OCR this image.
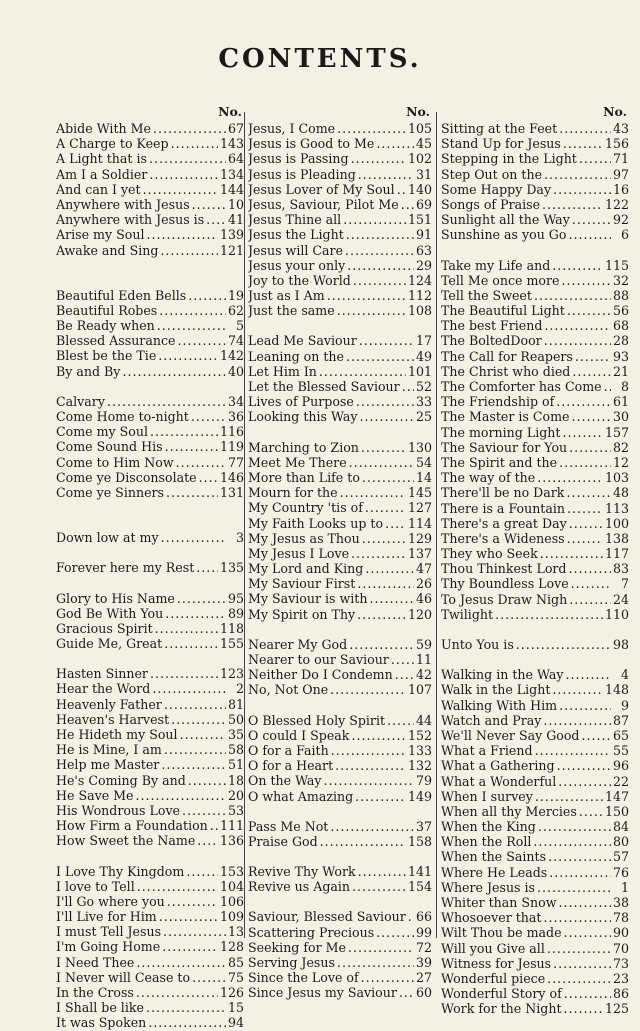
CONTENTS.
No.
Abide With Me .....	67
A Charge to Keep .....	143
A Light that is .....	64
Am I a Soldier .....	134
And can I yet .....	144
Anywhere with Jesus .....	10
Anywhere with Jesus is ..... 41
Arise my Soul .....	139
Awake and Sing .....	121
Beautiful Eden Bells .....	19
Beautiful Robes .....	62
Be Ready when .....	5
Blessed Assurance .....	74
Blest be the Tie .....	142
By and By .....	40
Calvary .....	34
Come Home to-night .....	36
Come my Soul .....	116
Come Sound His .....	119
Come to Him Now .....	77
Come ye Disconsolate ..... 146
Come ye Sinners .....	131
Down low at my .....	3
Forever here my Rest ..... 135
Glory to His Name .....	95
God Be With You .....	89
Gracious Spirit .....	118
Guide Me, Great .....	155
Hasten Sinner .....	123
Hear the Word .....	2
Heavenly Father .....	81
Heaven's Harvest .....	50
He Hideth my Soul .....	35
He is Mine, I am .....	58
Help me Master .....	51
He's Coming By and .....	18
He Save Me .....	20
His Wondrous Love .....	53
How Firm a Foundation ..... 111
How Sweet the Name ..... 136
I Love Thy Kingdom .....	153
I love to Tell .....	104
I'll Go where you .....	106
I'll Live for Him .....	109
I must Tell Jesus .....	13
I'm Going Home .....	128
I Need Thee .....	85
I Never will Cease to .....	75
In the Cross .....	126
I Shall be like .....	15
It was Spoken .....	94
No.
Jesus, I Come .....	105
Jesus is Good to Me .....	45
Jesus is Passing .....	102
Jesus is Pleading .....	31
Jesus Lover of My Soul ..... 140
Jesus, Saviour, Pilot Me ..... 69
Jesus Thine all .....	151
Jesus the Light .....	91
Jesus will Care .....	63
Jesus your only .....	29
Joy to the World .....	124
Just as I Am .....	112
Just the same .....	108
Lead Me Saviour .....	17
Leaning on the .....	49
Let Him In .....	101
Let the Blessed Saviour ..... 52
Lives of Purpose .....	33
Looking this Way .....	25
Marching to Zion .....	130
Meet Me There .....	54
More than Life to .....	14
Mourn for the .....	145
My Country 'tis of .....	127
My Faith Looks up to ..... 114
My Jesus as Thou .....	129
My Jesus I Love .....	137
My Lord and King .....	47
My Saviour First .....	26
My Saviour is with .....	46
My Spirit on Thy .....	120
Nearer My God .....	59
Nearer to our Saviour ..... 11
Neither Do I Condemn ..... 42
No, Not One .....	107
O Blessed Holy Spirit ..... 44
O could I Speak .....	152
O for a Faith .....	133
O for a Heart .....	132
On the Way .....	79
O what Amazing .....	149
Pass Me Not .....	37
Praise God .....	158
Revive Thy Work .....	141
Revive us Again .....	154
Saviour, Blessed Saviour ..... 66
Scattering Precious .....	99
Seeking for Me .....	72
Serving Jesus .....	39
Since the Love of .....	27
Since Jesus my Saviour ..... 60
No.
Sitting at the Feet .....	43
Stand Up for Jesus .....	156
Stepping in the Light .....	71
Step Out on the .....	97
Some Happy Day .....	16
Songs of Praise .....	122
Sunlight all the Way .....	92
Sunshine as you Go .....	6
Take my Life and .....	115
Tell Me once more .....	32
Tell the Sweet .....	88
The Beautiful Light .....	56
The best Friend .....	68
The BoltedDoor .....	28
The Call for Reapers .....	93
The Christ who died .....	21
The Comforter has Come .....	8
The Friendship of .....	61
The Master is Come .....	30
The morning Light .....	157
The Saviour for You .....	82
The Spirit and the .....	12
The way of the .....	103
There'll be no Dark .....	48
There is a Fountain .....	113
There's a great Day .....	100
There's a Wideness .....	138
They who Seek .....	117
Thou Thinkest Lord .....	83
Thy Boundless Love .....	7
To Jesus Draw Nigh .....	24
Twilight .....	110
Unto You is .....	98
Walking in the Way .....	4
Walk in the Light .....	148
Walking With Him .....	9
Watch and Pray .....	87
We'll Never Say Good .....	65
What a Friend .....	55
What a Gathering .....	96
What a Wonderful .....	22
When I survey .....	147
When all thy Mercies ..... 150
When the King .....	84
When the Roll .....	80
When the Saints .....	57
Where He Leads .....	76
Where Jesus is .....	1
Whiter than Snow .....	38
Whosoever that .....	78
Wilt Thou be made .....	90
Will you Give all .....	70
Witness for Jesus .....	73
Wonderful piece .....	23
Wonderful Story of .....	86
Work for the Night .....	125
